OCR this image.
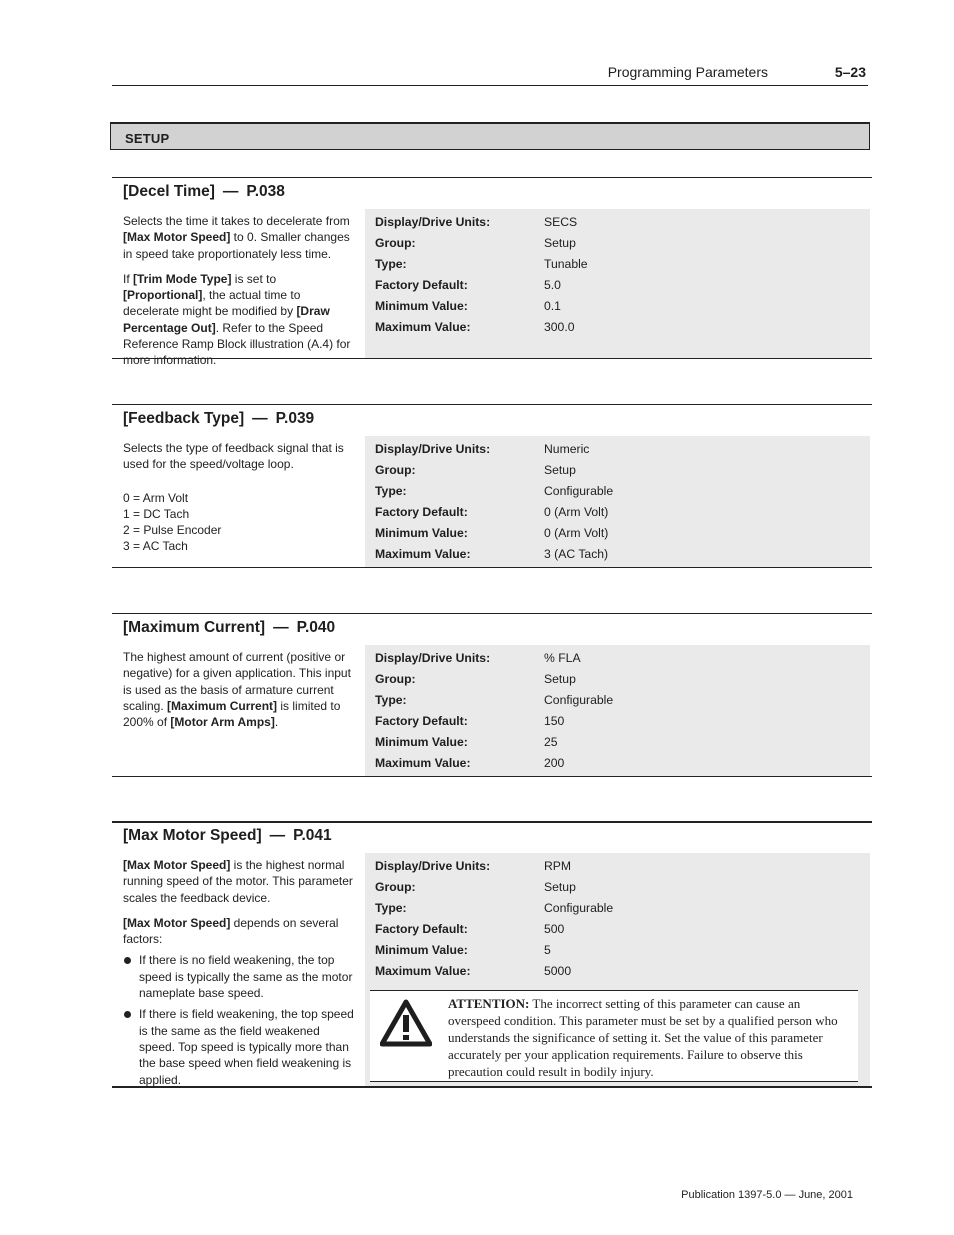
Programming Parameters	5–23
SETUP
[Decel Time] — P.038

Selects the time it takes to decelerate from [Max Motor Speed] to 0. Smaller changes in speed take proportionately less time.

If [Trim Mode Type] is set to [Proportional], the actual time to decelerate might be modified by [Draw Percentage Out]. Refer to the Speed Reference Ramp Block illustration (A.4) for more information.

Display/Drive Units:	SECS
Group:	Setup
Type:	Tunable
Factory Default:	5.0
Minimum Value:	0.1
Maximum Value:	300.0
[Feedback Type] — P.039

Selects the type of feedback signal that is used for the speed/voltage loop.

0 = Arm Volt
1 = DC Tach
2 = Pulse Encoder
3 = AC Tach
Display/Drive Units:	Numeric
Group:	Setup
Type:	Configurable
Factory Default:	0 (Arm Volt)
Minimum Value:	0 (Arm Volt)
Maximum Value:	3 (AC Tach)
[Maximum Current] — P.040

The highest amount of current (positive or negative) for a given application. This input is used as the basis of armature current scaling. [Maximum Current] is limited to 200% of [Motor Arm Amps].

Display/Drive Units:	% FLA
Group:	Setup
Type:	Configurable
Factory Default:	150
Minimum Value:	25
Maximum Value:	200
[Max Motor Speed] — P.041

[Max Motor Speed] is the highest normal running speed of the motor. This parameter scales the feedback device.

[Max Motor Speed] depends on several factors:

If there is no field weakening, the top speed is typically the same as the motor nameplate base speed.
If there is field weakening, the top speed is the same as the field weakened speed. Top speed is typically more than the base speed when field weakening is applied.
Display/Drive Units:	RPM
Group:	Setup
Type:	Configurable
Factory Default:	500
Minimum Value:	5
Maximum Value:	5000
ATTENTION: The incorrect setting of this parameter can cause an overspeed condition. This parameter must be set by a qualified person who understands the significance of setting it. Set the value of this parameter accurately per your application requirements. Failure to observe this precaution could result in bodily injury.
Publication 1397-5.0 — June, 2001
